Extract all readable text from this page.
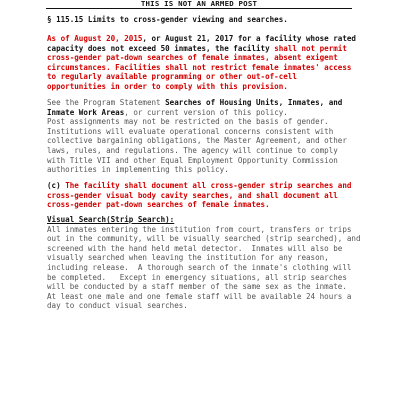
THIS IS NOT AN ARMED POST
§ 115.15 Limits to cross-gender viewing and searches.
As of August 20, 2015, or August 21, 2017 for a facility whose rated
capacity does not exceed 50 inmates, the facility shall not permit
cross-gender pat-down searches of female inmates, absent exigent
circumstances. Facilities shall not restrict female inmates' access
to regularly available programming or other out-of-cell
opportunities in order to comply with this provision.
See the Program Statement Searches of Housing Units, Inmates, and
Inmate Work Areas, or current version of this policy.
Post assignments may not be restricted on the basis of gender.
Institutions will evaluate operational concerns consistent with
collective bargaining obligations, the Master Agreement, and other
laws, rules, and regulations. The agency will continue to comply
with Title VII and other Equal Employment Opportunity Commission
authorities in implementing this policy.
(c) The facility shall document all cross-gender strip searches and
cross-gender visual body cavity searches, and shall document all
cross-gender pat-down searches of female inmates.
Visual Search(Strip Search):
All inmates entering the institution from court, transfers or trips
out in the community, will be visually searched (strip searched), and
screened with the hand held metal detector.  Inmates will also be
visually searched when leaving the institution for any reason,
including release.  A thorough search of the inmate's clothing will
be completed.   Except in emergency situations, all strip searches
will be conducted by a staff member of the same sex as the inmate.
At least one male and one female staff will be available 24 hours a
day to conduct visual searches.
